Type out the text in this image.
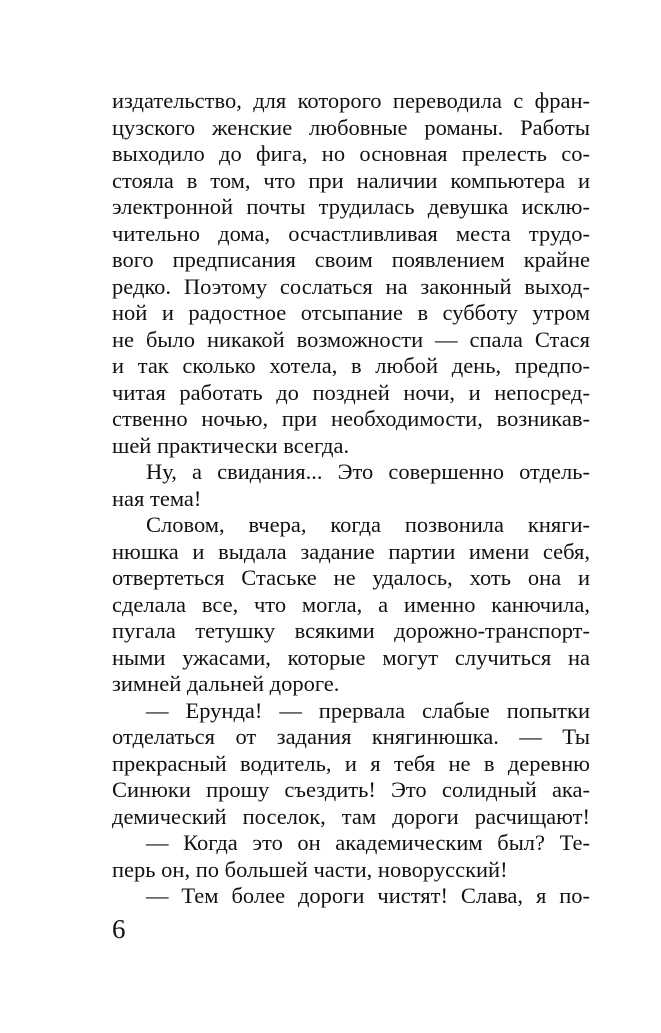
издательство, для которого переводила с фран-
цузского женские любовные романы. Работы
выходило до фига, но основная прелесть со-
стояла в том, что при наличии компьютера и
электронной почты трудилась девушка исклю-
чительно дома, осчастливливая места трудо-
вого предписания своим появлением крайне
редко. Поэтому сослаться на законный выход-
ной и радостное отсыпание в субботу утром
не было никакой возможности — спала Стася
и так сколько хотела, в любой день, предпо-
читая работать до поздней ночи, и непосред-
ственно ночью, при необходимости, возникав-
шей практически всегда.
Ну, а свидания... Это совершенно отдель-
ная тема!
Словом, вчера, когда позвонила княги-
нюшка и выдала задание партии имени себя,
отвертеться Стаське не удалось, хоть она и
сделала все, что могла, а именно канючила,
пугала тетушку всякими дорожно-транспорт-
ными ужасами, которые могут случиться на
зимней дальней дороге.
— Ерунда! — прервала слабые попытки
отделаться от задания княгинюшка. — Ты
прекрасный водитель, и я тебя не в деревню
Синюки прошу съездить! Это солидный ака-
демический поселок, там дороги расчищают!
— Когда это он академическим был? Те-
перь он, по большей части, новорусский!
— Тем более дороги чистят! Слава, я по-
6
